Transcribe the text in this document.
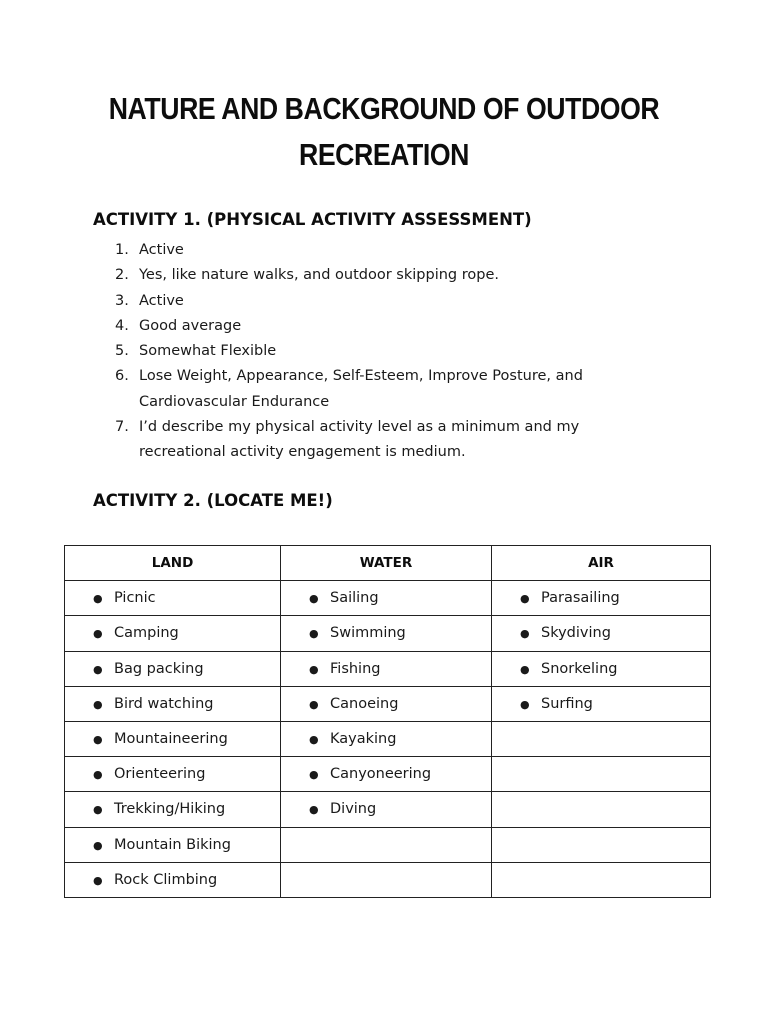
NATURE AND BACKGROUND OF OUTDOOR
RECREATION
ACTIVITY 1. (PHYSICAL ACTIVITY ASSESSMENT)
1. Active
2. Yes, like nature walks, and outdoor skipping rope.
3. Active
4. Good average
5. Somewhat Flexible
6. Lose Weight, Appearance, Self-Esteem, Improve Posture, and Cardiovascular Endurance
7. I’d describe my physical activity level as a minimum and my recreational activity engagement is medium.
ACTIVITY 2. (LOCATE ME!)
LAND	WATER	AIR
● Picnic	● Sailing	● Parasailing
● Camping	● Swimming	● Skydiving
● Bag packing	● Fishing	● Snorkeling
● Bird watching	● Canoeing	● Surfing
● Mountaineering	● Kayaking	
● Orienteering	● Canyoneering	
● Trekking/Hiking	● Diving	
● Mountain Biking		
● Rock Climbing		
